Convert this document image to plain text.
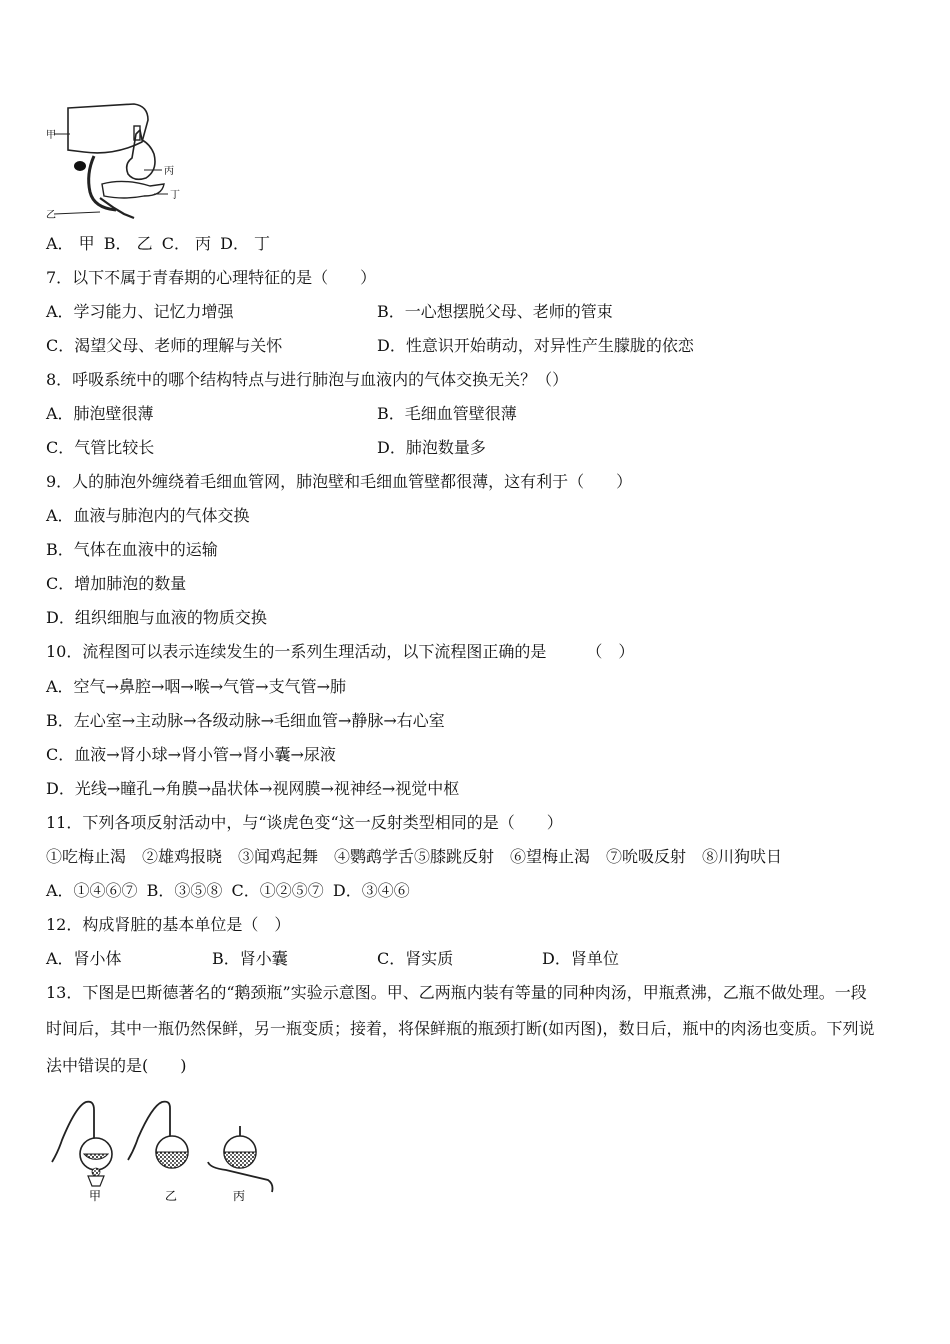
甲
丙
丁
乙
A． 甲 B． 乙 C． 丙 D． 丁
7．以下不属于青春期的心理特征的是（　　）
A．学习能力、记忆力增强	B．一心想摆脱父母、老师的管束
C．渴望父母、老师的理解与关怀	D．性意识开始萌动，对异性产生朦胧的依恋
8．呼吸系统中的哪个结构特点与进行肺泡与血液内的气体交换无关？（）
A．肺泡壁很薄	B．毛细血管壁很薄
C．气管比较长	D．肺泡数量多
9．人的肺泡外缠绕着毛细血管网，肺泡壁和毛细血管壁都很薄，这有利于（　　）
A．血液与肺泡内的气体交换
B．气体在血液中的运输
C．增加肺泡的数量
D．组织细胞与血液的物质交换
10．流程图可以表示连续发生的一系列生理活动，以下流程图正确的是　　　（　）
A．空气→鼻腔→咽→喉→气管→支气管→肺
B．左心室→主动脉→各级动脉→毛细血管→静脉→右心室
C．血液→肾小球→肾小管→肾小囊→尿液
D．光线→瞳孔→角膜→晶状体→视网膜→视神经→视觉中枢
11．下列各项反射活动中，与“谈虎色变“这一反射类型相同的是（　　）
①吃梅止渴　②雄鸡报晓　③闻鸡起舞　④鹦鹉学舌⑤膝跳反射　⑥望梅止渴　⑦吮吸反射　⑧川狗吠日
A．①④⑥⑦ B．③⑤⑧ C．①②⑤⑦ D．③④⑥
12．构成肾脏的基本单位是（　）
A．肾小体	B．肾小囊	C．肾实质	D．肾单位
13．下图是巴斯德著名的“鹅颈瓶”实验示意图。甲、乙两瓶内装有等量的同种肉汤，甲瓶煮沸，乙瓶不做处理。一段
时间后，其中一瓶仍然保鲜，另一瓶变质；接着，将保鲜瓶的瓶颈打断(如丙图)，数日后，瓶中的肉汤也变质。下列说
法中错误的是(　　)
甲	乙	丙
